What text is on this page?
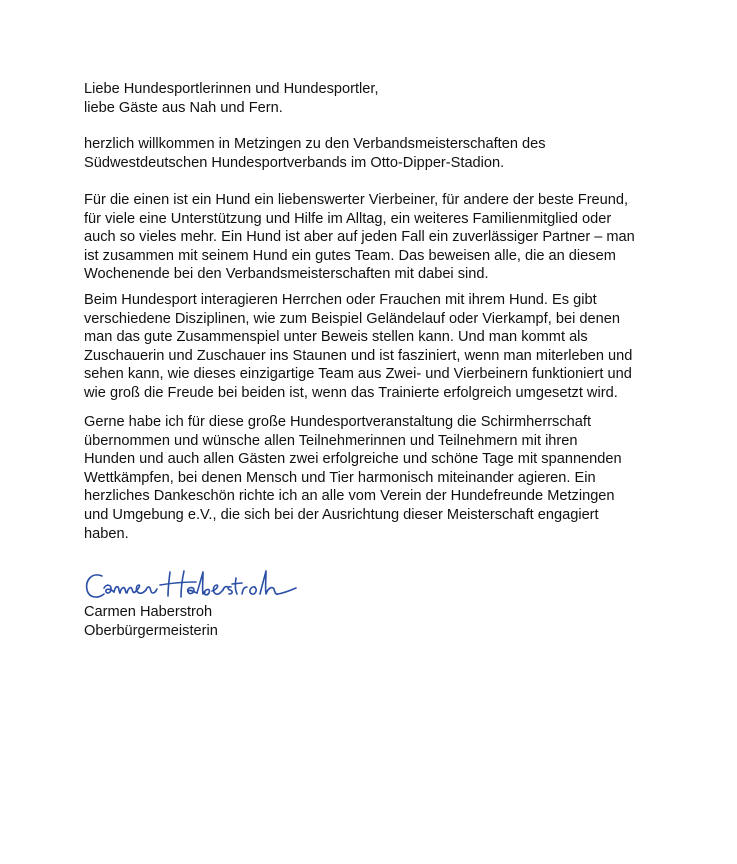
Liebe Hundesportlerinnen und Hundesportler,
liebe Gäste aus Nah und Fern.
herzlich willkommen in Metzingen zu den Verbandsmeisterschaften des
Südwestdeutschen Hundesportverbands im Otto-Dipper-Stadion.
Für die einen ist ein Hund ein liebenswerter Vierbeiner, für andere der beste Freund,
für viele eine Unterstützung und Hilfe im Alltag, ein weiteres Familienmitglied oder
auch so vieles mehr. Ein Hund ist aber auf jeden Fall ein zuverlässiger Partner – man
ist zusammen mit seinem Hund ein gutes Team. Das beweisen alle, die an diesem
Wochenende bei den Verbandsmeisterschaften mit dabei sind.
Beim Hundesport interagieren Herrchen oder Frauchen mit ihrem Hund. Es gibt
verschiedene Disziplinen, wie zum Beispiel Geländelauf oder Vierkampf, bei denen
man das gute Zusammenspiel unter Beweis stellen kann. Und man kommt als
Zuschauerin und Zuschauer ins Staunen und ist fasziniert, wenn man miterleben und
sehen kann, wie dieses einzigartige Team aus Zwei- und Vierbeinern funktioniert und
wie groß die Freude bei beiden ist, wenn das Trainierte erfolgreich umgesetzt wird.
Gerne habe ich für diese große Hundesportveranstaltung die Schirmherrschaft
übernommen und wünsche allen Teilnehmerinnen und Teilnehmern mit ihren
Hunden und auch allen Gästen zwei erfolgreiche und schöne Tage mit spannenden
Wettkämpfen, bei denen Mensch und Tier harmonisch miteinander agieren. Ein
herzliches Dankeschön richte ich an alle vom Verein der Hundefreunde Metzingen
und Umgebung e.V., die sich bei der Ausrichtung dieser Meisterschaft engagiert
haben.
Carmen Haberstroh
Oberbürgermeisterin
